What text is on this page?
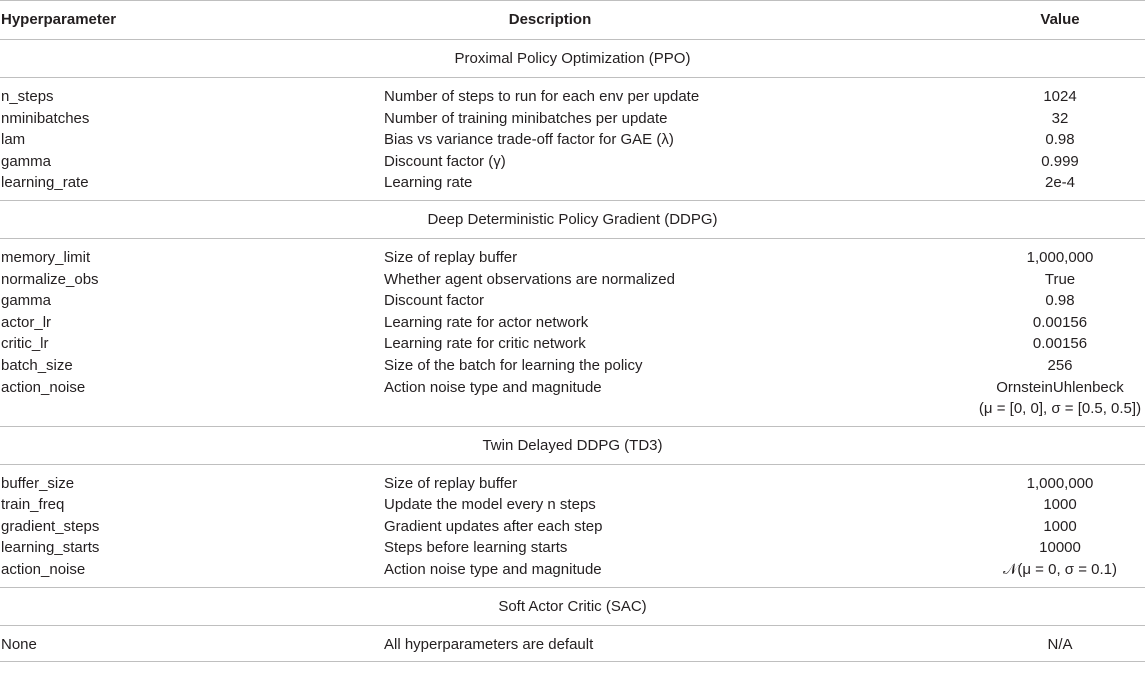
Hyperparameter	Description	Value
Proximal Policy Optimization (PPO)
n_steps	Number of steps to run for each env per update	1024
nminibatches	Number of training minibatches per update	32
lam	Bias vs variance trade-off factor for GAE (λ)	0.98
gamma	Discount factor (γ)	0.999
learning_rate	Learning rate	2e-4
Deep Deterministic Policy Gradient (DDPG)
memory_limit	Size of replay buffer	1,000,000
normalize_obs	Whether agent observations are normalized	True
gamma	Discount factor	0.98
actor_lr	Learning rate for actor network	0.00156
critic_lr	Learning rate for critic network	0.00156
batch_size	Size of the batch for learning the policy	256
action_noise	Action noise type and magnitude	OrnsteinUhlenbeck
(μ = [0, 0], σ = [0.5, 0.5])
Twin Delayed DDPG (TD3)
buffer_size	Size of replay buffer	1,000,000
train_freq	Update the model every n steps	1000
gradient_steps	Gradient updates after each step	1000
learning_starts	Steps before learning starts	10000
action_noise	Action noise type and magnitude	𝒩(μ = 0, σ = 0.1)
Soft Actor Critic (SAC)
None	All hyperparameters are default	N/A
